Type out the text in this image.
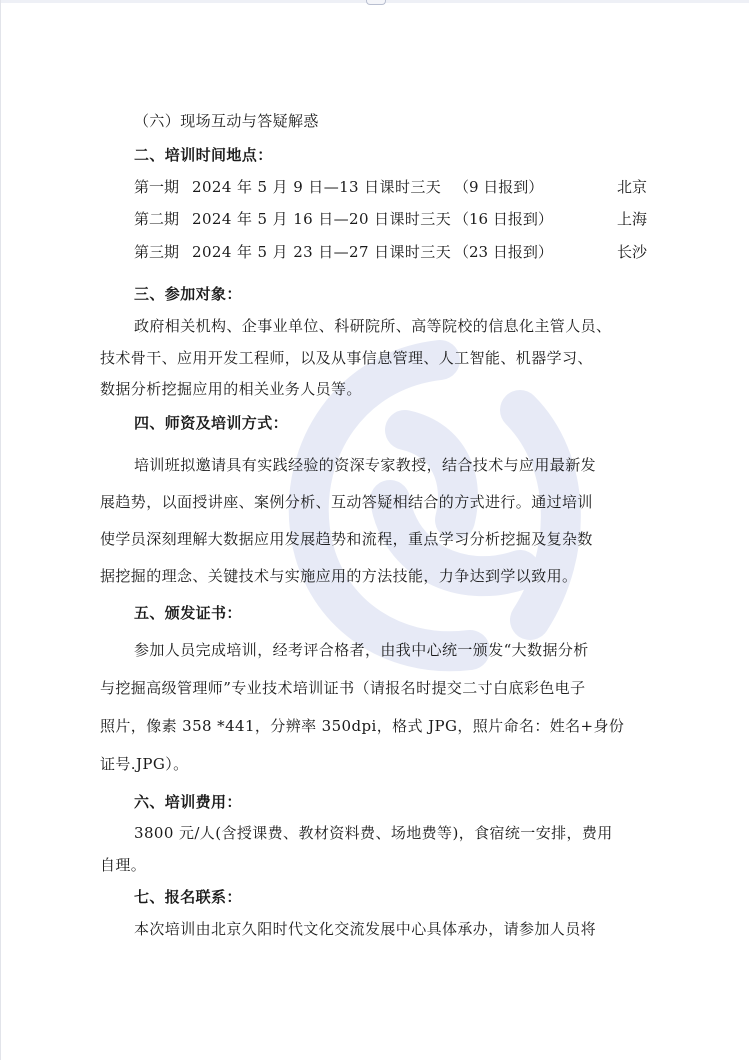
（六）现场互动与答疑解惑
二、培训时间地点：
第一期 2024 年 5 月 9 日—13 日课时三天 （9 日报到）	北京
第二期 2024 年 5 月 16 日—20 日课时三天 （16 日报到）	上海
第三期 2024 年 5 月 23 日—27 日课时三天 （23 日报到）	长沙
三、参加对象：
政府相关机构、企事业单位、科研院所、高等院校的信息化主管人员、
技术骨干、应用开发工程师，以及从事信息管理、人工智能、机器学习、
数据分析挖掘应用的相关业务人员等。
四、师资及培训方式：
培训班拟邀请具有实践经验的资深专家教授，结合技术与应用最新发
展趋势，以面授讲座、案例分析、互动答疑相结合的方式进行。通过培训
使学员深刻理解大数据应用发展趋势和流程，重点学习分析挖掘及复杂数
据挖掘的理念、关键技术与实施应用的方法技能，力争达到学以致用。
五、颁发证书：
参加人员完成培训，经考评合格者，由我中心统一颁发“大数据分析
与挖掘高级管理师”专业技术培训证书（请报名时提交二寸白底彩色电子
照片，像素 358 *441，分辨率 350dpi，格式 JPG，照片命名：姓名+身份
证号.JPG）。
六、培训费用：
3800 元/人(含授课费、教材资料费、场地费等)，食宿统一安排，费用
自理。
七、报名联系：
本次培训由北京久阳时代文化交流发展中心具体承办，请参加人员将
